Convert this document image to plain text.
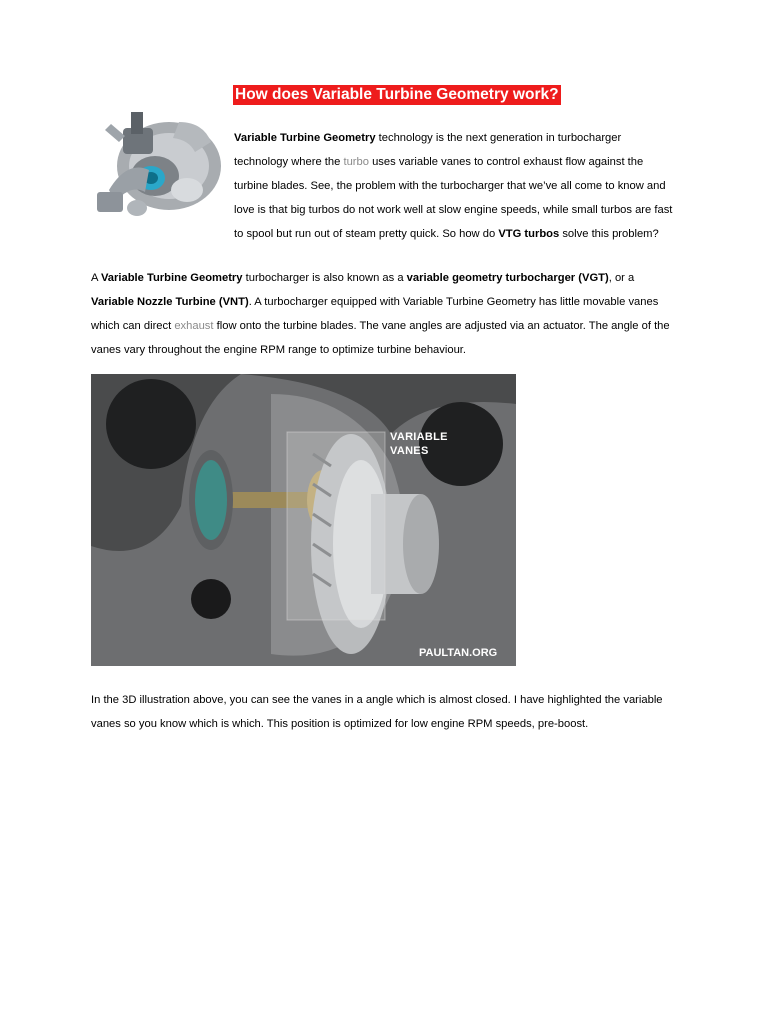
How does Variable Turbine Geometry work?

Variable Turbine Geometry technology is the next generation in turbocharger
technology where the turbo uses variable vanes to control exhaust flow against the
turbine blades. See, the problem with the turbocharger that we’ve all come to know and
love is that big turbos do not work well at slow engine speeds, while small turbos are fast
to spool but run out of steam pretty quick. So how do VTG turbos solve this problem?

A Variable Turbine Geometry turbocharger is also known as a variable geometry turbocharger (VGT), or a
Variable Nozzle Turbine (VNT). A turbocharger equipped with Variable Turbine Geometry has little movable vanes
which can direct exhaust flow onto the turbine blades. The vane angles are adjusted via an actuator. The angle of the
vanes vary throughout the engine RPM range to optimize turbine behaviour.

VARIABLE
VANES
PAULTAN.ORG

In the 3D illustration above, you can see the vanes in a angle which is almost closed. I have highlighted the variable
vanes so you know which is which. This position is optimized for low engine RPM speeds, pre-boost.
